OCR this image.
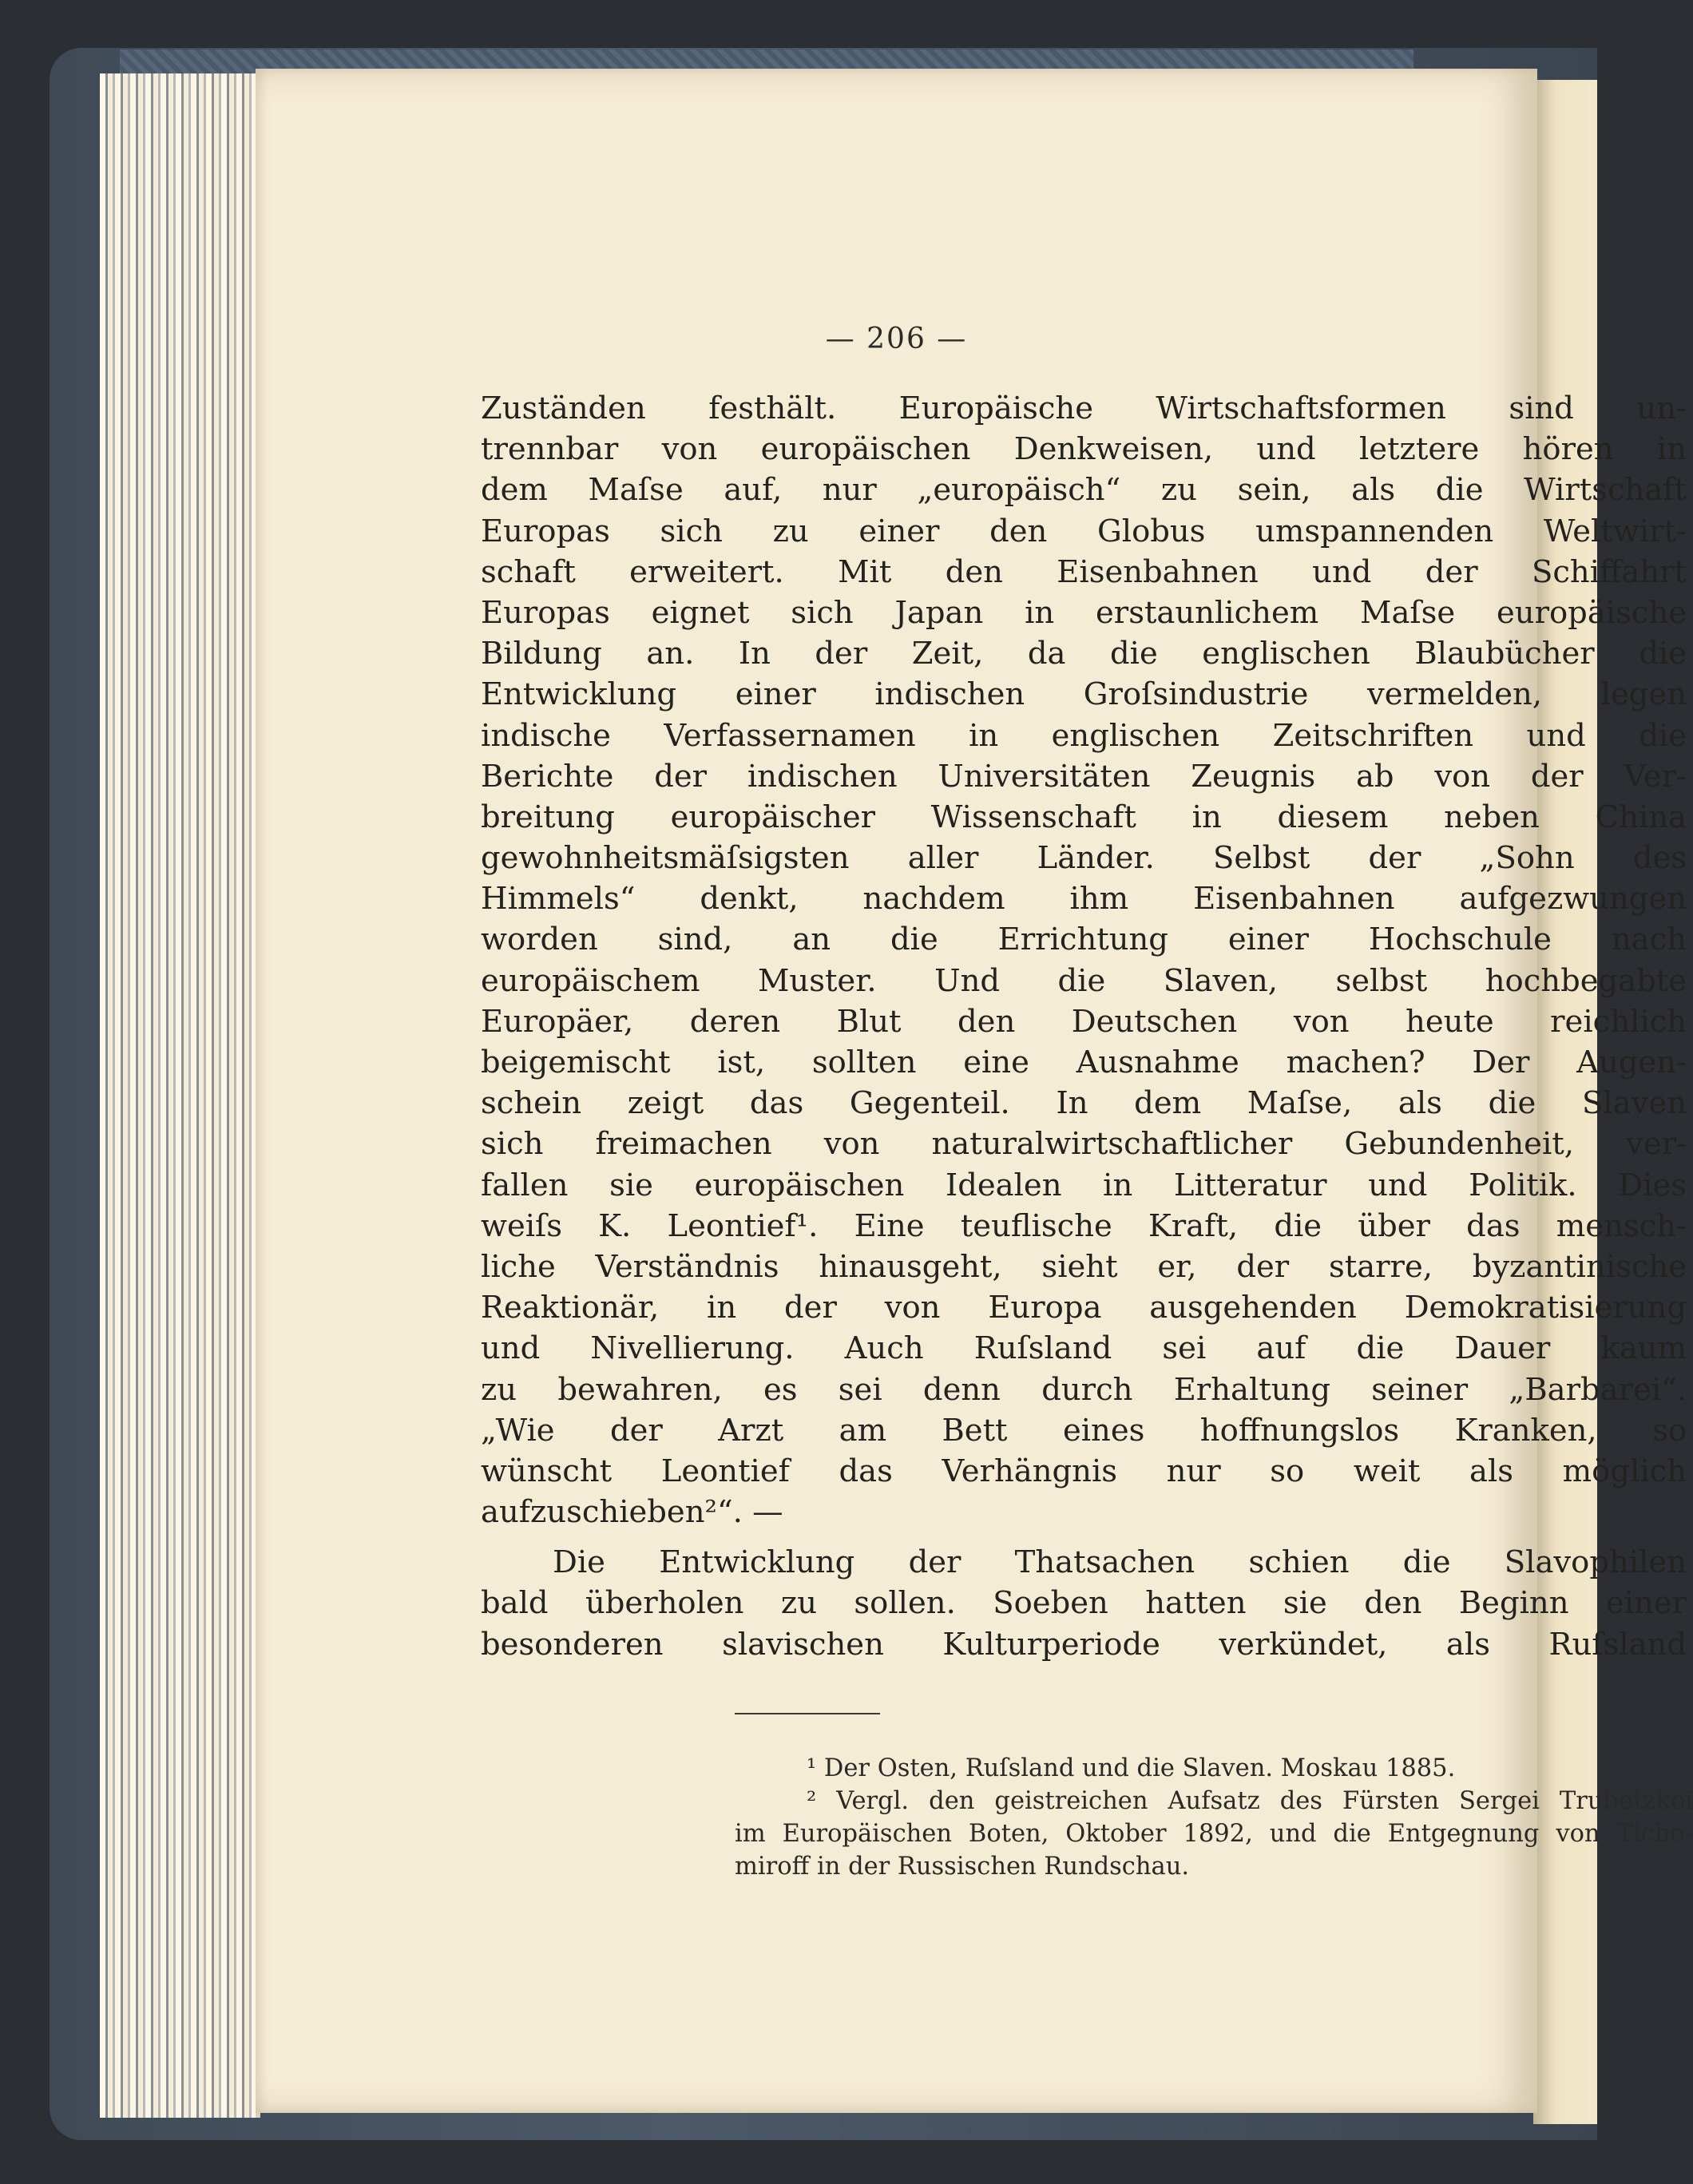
— 206 —
Zuständen festhält. Europäische Wirtschaftsformen sind un-
trennbar von europäischen Denkweisen, und letztere hören in
dem Maſse auf, nur „europäisch“ zu sein, als die Wirtschaft
Europas sich zu einer den Globus umspannenden Weltwirt-
schaft erweitert. Mit den Eisenbahnen und der Schiffahrt
Europas eignet sich Japan in erstaunlichem Maſse europäische
Bildung an. In der Zeit, da die englischen Blaubücher die
Entwicklung einer indischen Groſsindustrie vermelden, legen
indische Verfassernamen in englischen Zeitschriften und die
Berichte der indischen Universitäten Zeugnis ab von der Ver-
breitung europäischer Wissenschaft in diesem neben China
gewohnheitsmäſsigsten aller Länder. Selbst der „Sohn des
Himmels“ denkt, nachdem ihm Eisenbahnen aufgezwungen
worden sind, an die Errichtung einer Hochschule nach
europäischem Muster. Und die Slaven, selbst hochbegabte
Europäer, deren Blut den Deutschen von heute reichlich
beigemischt ist, sollten eine Ausnahme machen? Der Augen-
schein zeigt das Gegenteil. In dem Maſse, als die Slaven
sich freimachen von naturalwirtschaftlicher Gebundenheit, ver-
fallen sie europäischen Idealen in Litteratur und Politik. Dies
weiſs K. Leontief¹. Eine teuflische Kraft, die über das mensch-
liche Verständnis hinausgeht, sieht er, der starre, byzantinische
Reaktionär, in der von Europa ausgehenden Demokratisierung
und Nivellierung. Auch Ruſsland sei auf die Dauer kaum
zu bewahren, es sei denn durch Erhaltung seiner „Barbarei“.
„Wie der Arzt am Bett eines hoffnungslos Kranken, so
wünscht Leontief das Verhängnis nur so weit als möglich
aufzuschieben²“. —
Die Entwicklung der Thatsachen schien die Slavophilen
bald überholen zu sollen. Soeben hatten sie den Beginn einer
besonderen slavischen Kulturperiode verkündet, als Ruſsland
¹ Der Osten, Ruſsland und die Slaven. Moskau 1885.
² Vergl. den geistreichen Aufsatz des Fürsten Sergei Trubetzkoi
im Europäischen Boten, Oktober 1892, und die Entgegnung von Ticho-
miroff in der Russischen Rundschau.
